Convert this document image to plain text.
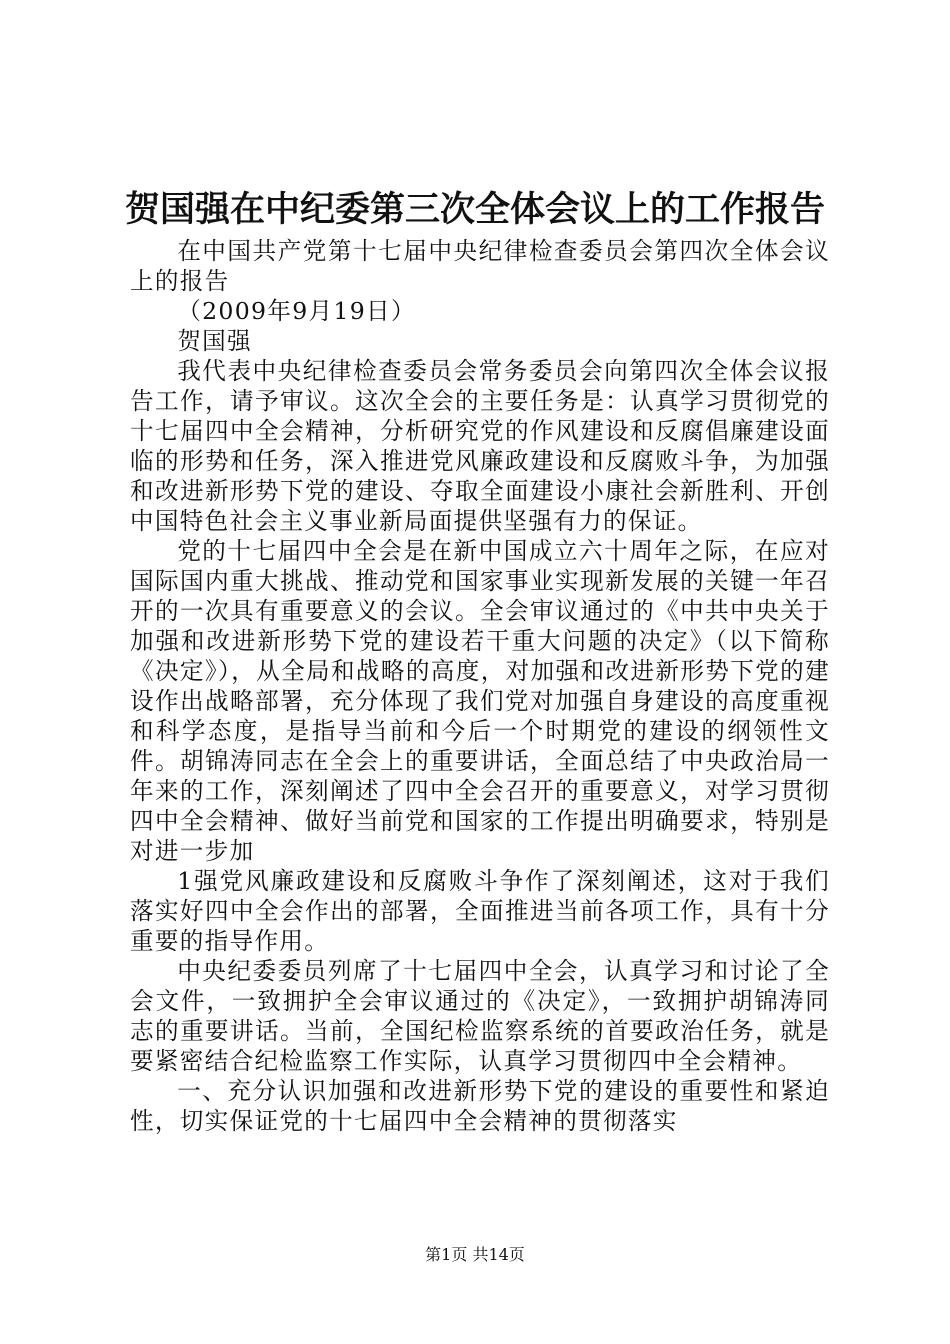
贺国强在中纪委第三次全体会议上的工作报告

在中国共产党第十七届中央纪律检查委员会第四次全体会议上的报告

（2009年9月19日）

贺国强

我代表中央纪律检查委员会常务委员会向第四次全体会议报告工作，请予审议。这次全会的主要任务是：认真学习贯彻党的十七届四中全会精神，分析研究党的作风建设和反腐倡廉建设面临的形势和任务，深入推进党风廉政建设和反腐败斗争，为加强和改进新形势下党的建设、夺取全面建设小康社会新胜利、开创中国特色社会主义事业新局面提供坚强有力的保证。

党的十七届四中全会是在新中国成立六十周年之际，在应对国际国内重大挑战、推动党和国家事业实现新发展的关键一年召开的一次具有重要意义的会议。全会审议通过的《中共中央关于加强和改进新形势下党的建设若干重大问题的决定》（以下简称《决定》），从全局和战略的高度，对加强和改进新形势下党的建设作出战略部署，充分体现了我们党对加强自身建设的高度重视和科学态度，是指导当前和今后一个时期党的建设的纲领性文件。胡锦涛同志在全会上的重要讲话，全面总结了中央政治局一年来的工作，深刻阐述了四中全会召开的重要意义，对学习贯彻四中全会精神、做好当前党和国家的工作提出明确要求，特别是对进一步加

1强党风廉政建设和反腐败斗争作了深刻阐述，这对于我们落实好四中全会作出的部署，全面推进当前各项工作，具有十分重要的指导作用。

中央纪委委员列席了十七届四中全会，认真学习和讨论了全会文件，一致拥护全会审议通过的《决定》，一致拥护胡锦涛同志的重要讲话。当前，全国纪检监察系统的首要政治任务，就是要紧密结合纪检监察工作实际，认真学习贯彻四中全会精神。

一、充分认识加强和改进新形势下党的建设的重要性和紧迫性，切实保证党的十七届四中全会精神的贯彻落实

第1页 共14页
